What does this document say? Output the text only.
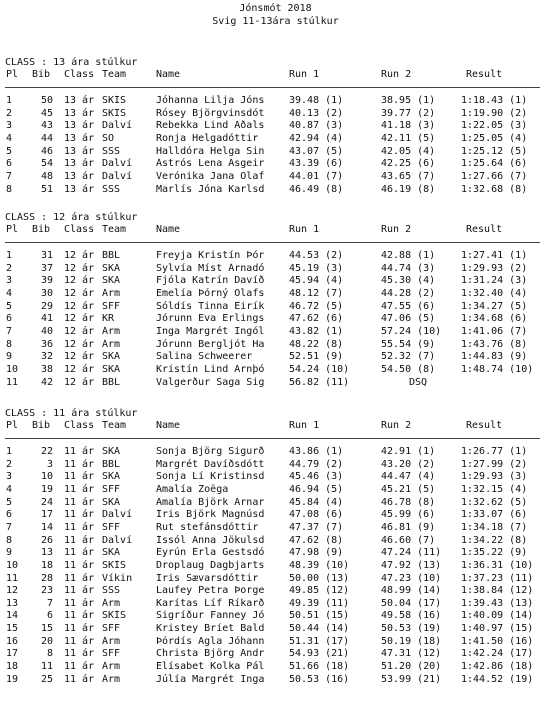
Jónsmót 2018
Svig 11-13ára stúlkur
CLASS : 13 ára stúlkur
Pl	Bib	Class Team	Name	Run 1	Run 2	Result
1	50 13 ár SKÍS	Jóhanna Lilja Jóns	39.48 (1)	38.95 (1)	1:18.43 (1)
2	45 13 ár SKÍS	Rósey Björgvinsdót	40.13 (2)	39.77 (2)	1:19.90 (2)
3	43 13 ár Dalví	Rebekka Lind Aðals	40.87 (3)	41.18 (3)	1:22.05 (3)
4	44 13 ár SÓ	Ronja Helgadóttir	42.94 (4)	42.11 (5)	1:25.05 (4)
5	46 13 ár SSS	Halldóra Helga Sin	43.07 (5)	42.05 (4)	1:25.12 (5)
6	54 13 ár Dalví	Ástrós Lena Ásgeir	43.39 (6)	42.25 (6)	1:25.64 (6)
7	48 13 ár Dalví	Verónika Jana Ólaf	44.01 (7)	43.65 (7)	1:27.66 (7)
8	51 13 ár SSS	Marlís Jóna Karlsd	46.49 (8)	46.19 (8)	1:32.68 (8)
CLASS : 12 ára stúlkur
Pl	Bib	Class Team	Name	Run 1	Run 2	Result
1	31 12 ár BBL	Freyja Kristín Þór	44.53 (2)	42.88 (1)	1:27.41 (1)
2	37 12 ár SKA	Sylvía Míst Árnadó	45.19 (3)	44.74 (3)	1:29.93 (2)
3	39 12 ár SKA	Fjóla Katrín Davíð	45.94 (4)	45.30 (4)	1:31.24 (3)
4	30 12 ár Árm	Emelía Þórný Ólafs	48.12 (7)	44.28 (2)	1:32.40 (4)
5	29 12 ár SFF	Sóldís Tinna Eirík	46.72 (5)	47.55 (6)	1:34.27 (5)
6	41 12 ár KR	Jórunn Eva Erlings	47.62 (6)	47.06 (5)	1:34.68 (6)
7	40 12 ár Árm	Inga Margrét Ingól	43.82 (1)	57.24 (10) 1:41.06 (7)
8	36 12 ár Árm	Jórunn Bergljót Ha	48.22 (8)	55.54 (9)	1:43.76 (8)
9	32 12 ár SKA	Salina Schweerer	52.51 (9)	52.32 (7)	1:44.83 (9)
10	38 12 ár SKA	Kristín Lind Arnþó	54.24 (10)	54.50 (8)	1:48.74 (10)
11	42 12 ár BBL	Valgerður Saga Sig	56.82 (11)	DSQ
CLASS : 11 ára stúlkur
Pl	Bib	Class Team	Name	Run 1	Run 2	Result
1	22 11 ár SKA	Sonja Björg Sigurð	43.86 (1)	42.91 (1)	1:26.77 (1)
2	3 11 ár BBL	Margrét Davíðsdótt	44.79 (2)	43.20 (2)	1:27.99 (2)
3	10 11 ár SKA	Sonja Lí Kristinsd	45.46 (3)	44.47 (4)	1:29.93 (3)
4	19 11 ár SFF	Amalía Zoëga	46.94 (5)	45.21 (5)	1:32.15 (4)
5	24 11 ár SKA	Amalía Björk Arnar	45.84 (4)	46.78 (8)	1:32.62 (5)
6	17 11 ár Dalví	Íris Björk Magnúsd	47.08 (6)	45.99 (6)	1:33.07 (6)
7	14 11 ár SFF	Rut stefánsdóttir	47.37 (7)	46.81 (9)	1:34.18 (7)
8	26 11 ár Dalví	Íssól Anna Jökulsd	47.62 (8)	46.60 (7)	1:34.22 (8)
9	13 11 ár SKA	Eyrún Erla Gestsdó	47.98 (9)	47.24 (11) 1:35.22 (9)
10	18 11 ár SKÍS	Droplaug Dagbjarts	48.39 (10)	47.92 (13) 1:36.31 (10)
11	28 11 ár Víkin	Íris Sævarsdóttir	50.00 (13)	47.23 (10) 1:37.23 (11)
12	23 11 ár SSS	Laufey Petra Þorge	49.85 (12)	48.99 (14) 1:38.84 (12)
13	7 11 ár Árm	Karítas Líf Ríkarð	49.39 (11)	50.04 (17) 1:39.43 (13)
14	6 11 ár SKÍS	Sigríður Fanney Jó	50.51 (15)	49.58 (16) 1:40.09 (14)
15	15 11 ár SFF	Kristey Bríet Bald	50.44 (14)	50.53 (19) 1:40.97 (15)
16	20 11 ár Árm	Þórdís Agla Jóhann	51.31 (17)	50.19 (18) 1:41.50 (16)
17	8 11 ár SFF	Christa Björg Andr	54.93 (21)	47.31 (12) 1:42.24 (17)
18	11 11 ár Árm	Elísabet Kolka Pál	51.66 (18)	51.20 (20) 1:42.86 (18)
19	25 11 ár Árm	Júlía Margrét Inga	50.53 (16)	53.99 (21) 1:44.52 (19)
